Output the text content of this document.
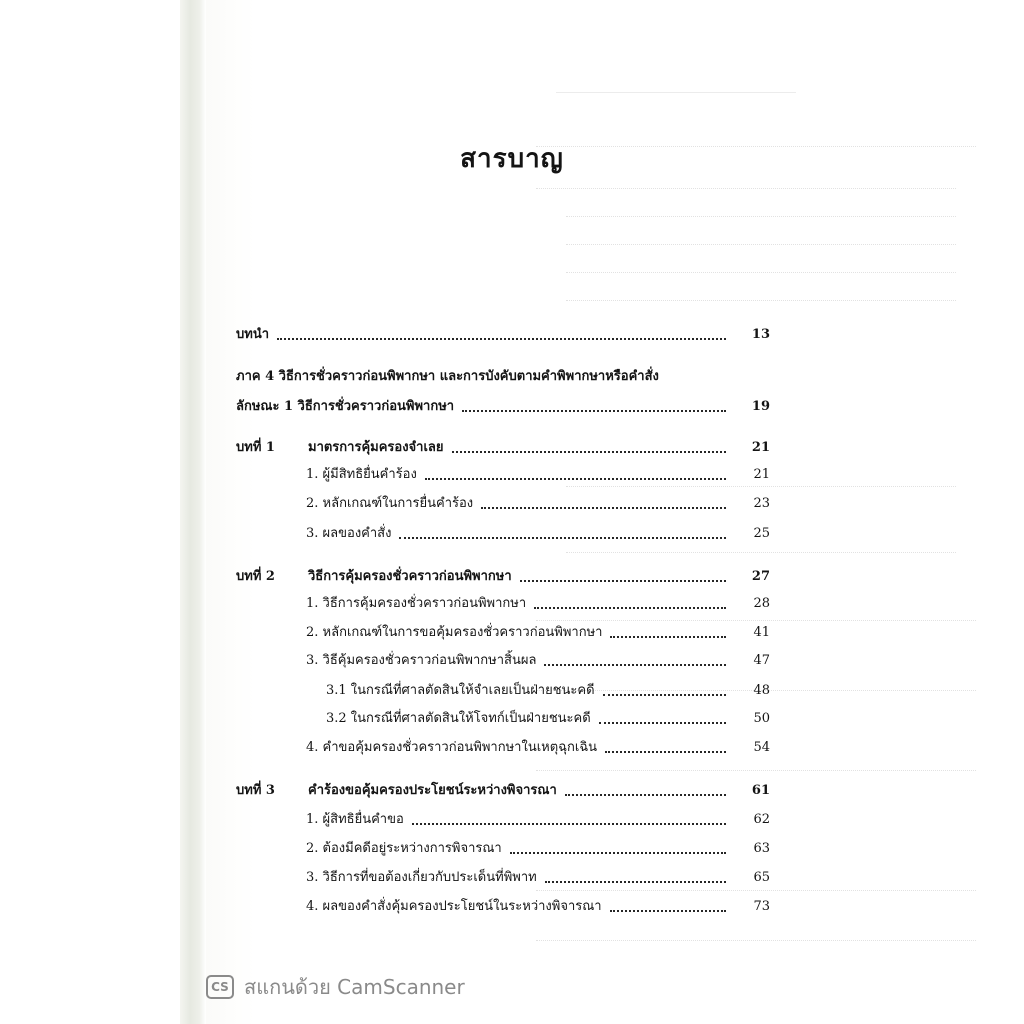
สารบาญ
บทนำ	13
ภาค 4 วิธีการชั่วคราวก่อนพิพากษา และการบังคับตามคำพิพากษาหรือคำสั่ง
ลักษณะ 1 วิธีการชั่วคราวก่อนพิพากษา	19
บทที่ 1	มาตรการคุ้มครองจำเลย	21
1. ผู้มีสิทธิยื่นคำร้อง	21
2. หลักเกณฑ์ในการยื่นคำร้อง	23
3. ผลของคำสั่ง	25
บทที่ 2	วิธีการคุ้มครองชั่วคราวก่อนพิพากษา	27
1. วิธีการคุ้มครองชั่วคราวก่อนพิพากษา	28
2. หลักเกณฑ์ในการขอคุ้มครองชั่วคราวก่อนพิพากษา	41
3. วิธีคุ้มครองชั่วคราวก่อนพิพากษาสิ้นผล	47
3.1 ในกรณีที่ศาลตัดสินให้จำเลยเป็นฝ่ายชนะคดี	48
3.2 ในกรณีที่ศาลตัดสินให้โจทก์เป็นฝ่ายชนะคดี	50
4. คำขอคุ้มครองชั่วคราวก่อนพิพากษาในเหตุฉุกเฉิน	54
บทที่ 3	คำร้องขอคุ้มครองประโยชน์ระหว่างพิจารณา	61
1. ผู้สิทธิยื่นคำขอ	62
2. ต้องมีคดีอยู่ระหว่างการพิจารณา	63
3. วิธีการที่ขอต้องเกี่ยวกับประเด็นที่พิพาท	65
4. ผลของคำสั่งคุ้มครองประโยชน์ในระหว่างพิจารณา	73
CS สแกนด้วย CamScanner
